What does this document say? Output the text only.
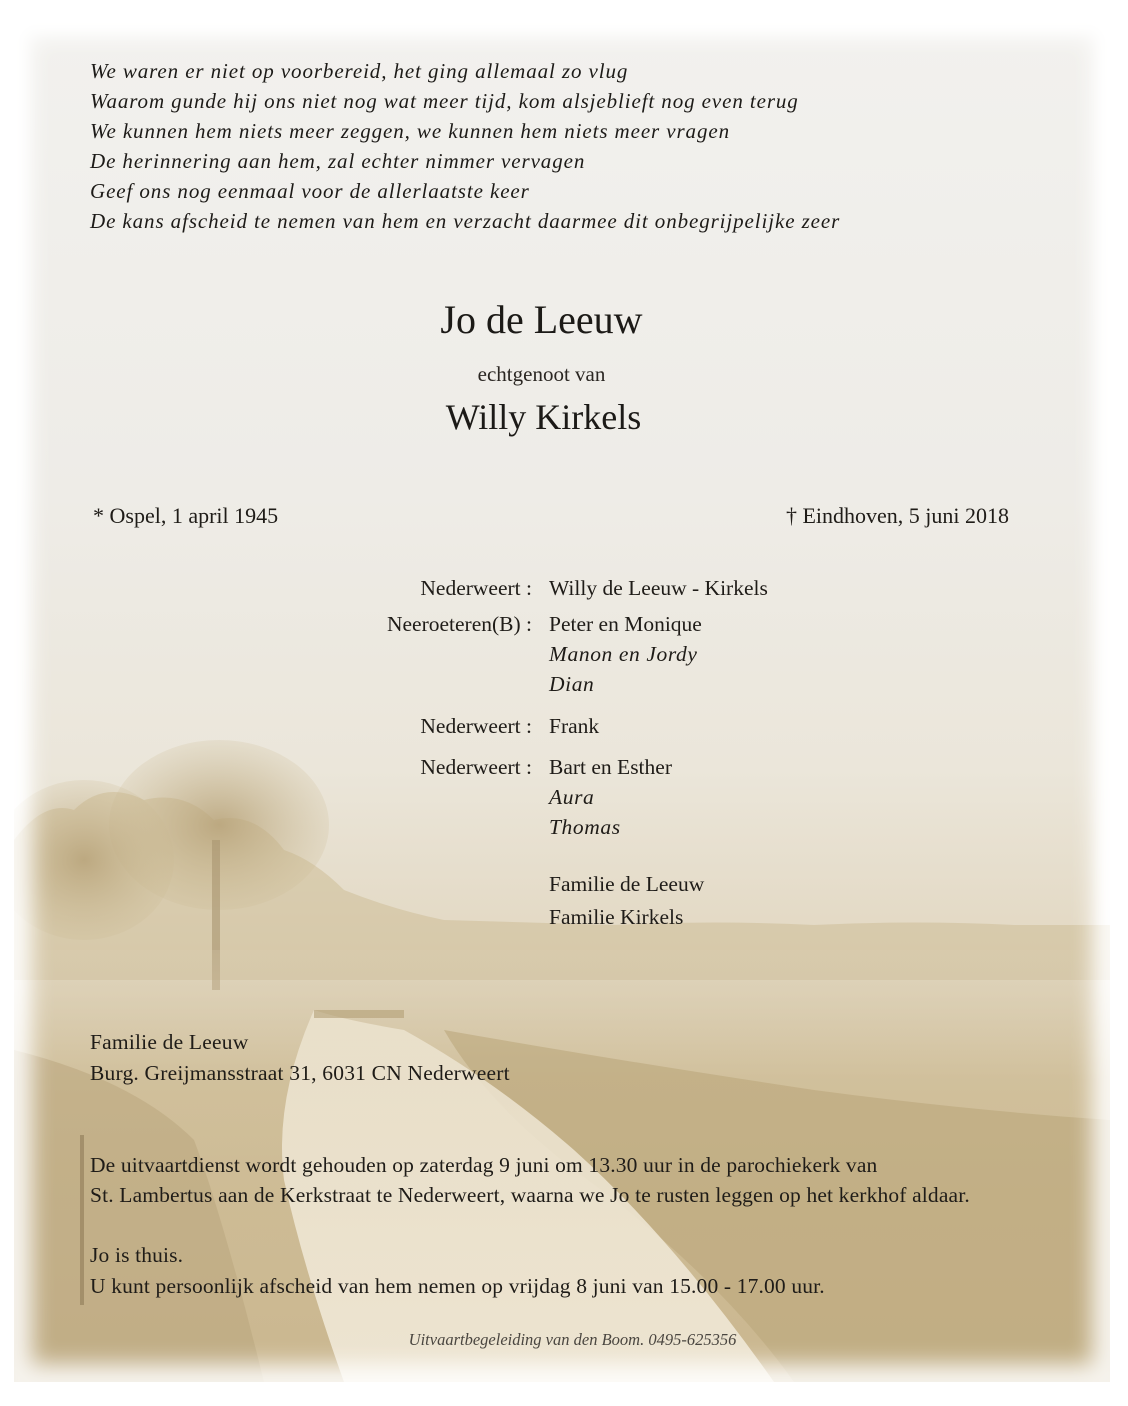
We waren er niet op voorbereid, het ging allemaal zo vlug
Waarom gunde hij ons niet nog wat meer tijd, kom alsjeblieft nog even terug
We kunnen hem niets meer zeggen, we kunnen hem niets meer vragen
De herinnering aan hem, zal echter nimmer vervagen
Geef ons nog eenmaal voor de allerlaatste keer
De kans afscheid te nemen van hem en verzacht daarmee dit onbegrijpelijke zeer
Jo de Leeuw
echtgenoot van
Willy Kirkels
* Ospel, 1 april 1945	† Eindhoven, 5 juni 2018
Nederweert : Willy de Leeuw - Kirkels
Neeroeteren(B) : Peter en Monique
Manon en Jordy
Dian
Nederweert : Frank
Nederweert : Bart en Esther
Aura
Thomas
Familie de Leeuw
Familie Kirkels
Familie de Leeuw
Burg. Greijmansstraat 31, 6031 CN Nederweert
De uitvaartdienst wordt gehouden op zaterdag 9 juni om 13.30 uur in de parochiekerk van
St. Lambertus aan de Kerkstraat te Nederweert, waarna we Jo te rusten leggen op het kerkhof aldaar.
Jo is thuis.
U kunt persoonlijk afscheid van hem nemen op vrijdag 8 juni van 15.00 - 17.00 uur.
Uitvaartbegeleiding van den Boom. 0495-625356
